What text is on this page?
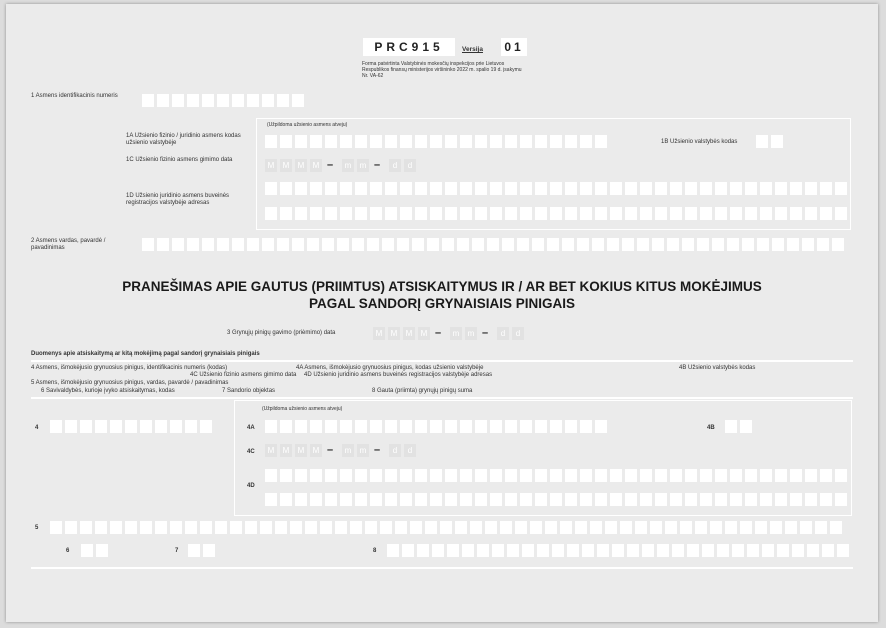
PRC915	Versija 01
Forma patvirtinta Valstybinės mokesčių inspekcijos prie Lietuvos Respublikos finansų ministerijos viršininko 2022 m. spalio 19 d. įsakymu Nr. VA-62
1 Asmens identifikacinis numeris
(Užpildoma užsienio asmens atveju)
1A Užsienio fizinio / juridinio asmens kodas užsienio valstybėje	1B Užsienio valstybės kodas
1C Užsienio fizinio asmens gimimo data
M	M	M	M –	m	m –	d	d
1D Užsienio juridinio asmens buveinės registracijos valstybėje adresas
2 Asmens vardas, pavardė / pavadinimas
PRANEŠIMAS APIE GAUTUS (PRIIMTUS) ATSISKAITYMUS IR / AR BET KOKIUS KITUS MOKĖJIMUS
PAGAL SANDORĮ GRYNAISIAIS PINIGAIS
3 Grynųjų pinigų gavimo (priėmimo) data	M	M	M	M –	m	m –	d	d
Duomenys apie atsiskaitymą ar kitą mokėjimą pagal sandorį grynaisiais pinigais
4 Asmens, išmokėjusio grynuosius pinigus, identifikacinis numeris (kodas)	4A Asmens, išmokėjusio grynuosius pinigus, kodas užsienio valstybėje	4B Užsienio valstybės kodas
4C Užsienio fizinio asmens gimimo data 4D Užsienio juridinio asmens buveinės registracijos valstybėje adresas
5 Asmens, išmokėjusio grynuosius pinigus, vardas, pavardė / pavadinimas
6 Savivaldybės, kurioje įvyko atsiskaitymas, kodas	7 Sandorio objektas	8 Gauta (priimta) grynųjų pinigų suma
4
(Užpildoma užsienio asmens atveju)
4A	4B
4C	M	M	M	M –	m	m –	d	d
4D
5
6	7	8
